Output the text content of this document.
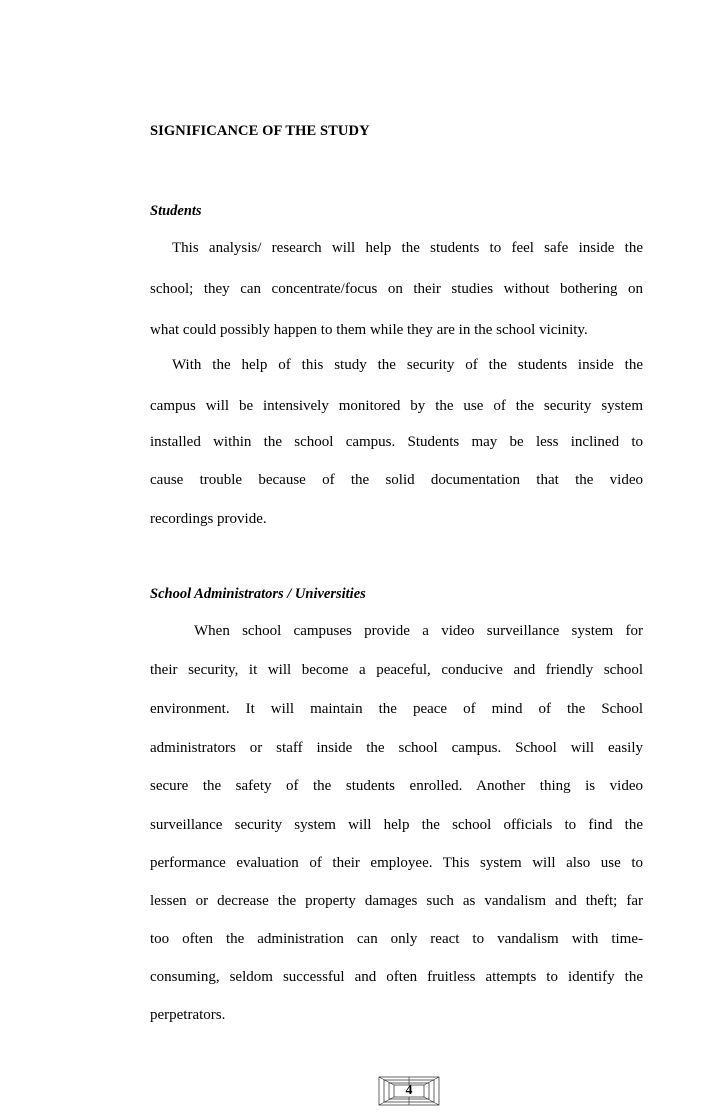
SIGNIFICANCE OF THE STUDY
Students
This analysis/ research will help the students to feel safe inside the
school; they can concentrate/focus on their studies without bothering on
what could possibly happen to them while they are in the school vicinity.
With the help of this study the security of the students inside the
campus will be intensively monitored by the use of the security system
installed within the school campus. Students may be less inclined to
cause trouble because of the solid documentation that the video
recordings provide.
School Administrators / Universities
When school campuses provide a video surveillance system for
their security, it will become a peaceful, conducive and friendly school
environment. It will maintain the peace of mind of the School
administrators or staff inside the school campus. School will easily
secure the safety of the students enrolled. Another thing is video
surveillance security system will help the school officials to find the
performance evaluation of their employee. This system will also use to
lessen or decrease the property damages such as vandalism and theft; far
too often the administration can only react to vandalism with time-
consuming, seldom successful and often fruitless attempts to identify the
perpetrators.
4
